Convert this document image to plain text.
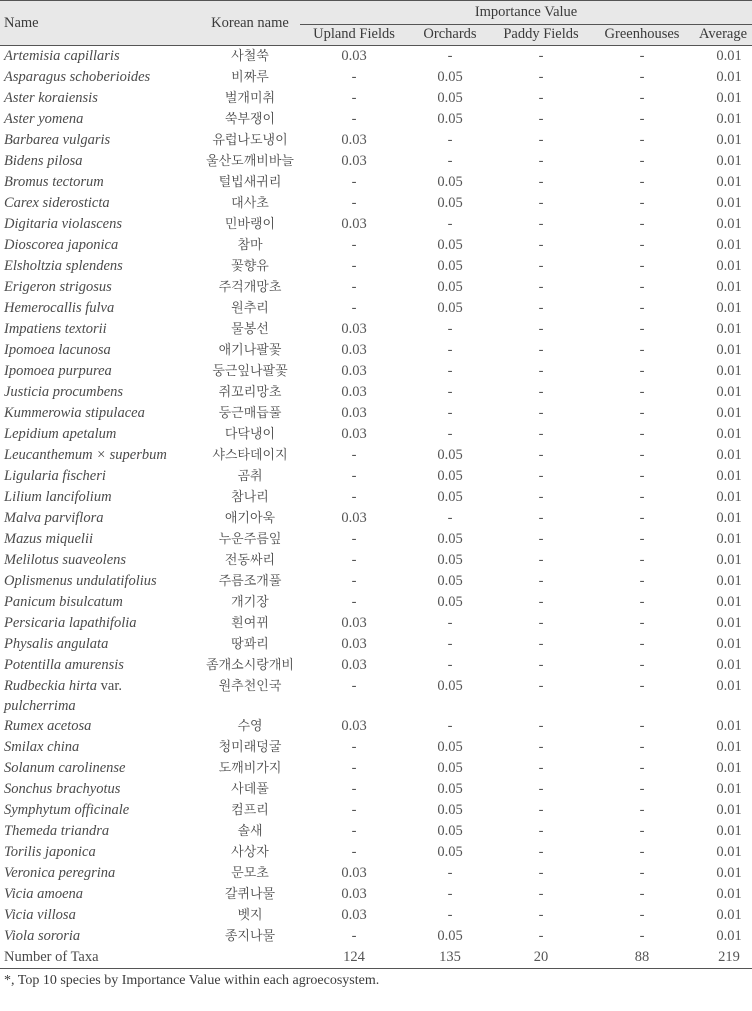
Name	Korean name	Importance Value				
		Upland Fields	Orchards	Paddy Fields	Greenhouses	Average
Artemisia capillaris	사철쑥	0.03	-	-	-	0.01
Asparagus schoberioides	비짜루	-	0.05	-	-	0.01
Aster koraiensis	벌개미취	-	0.05	-	-	0.01
Aster yomena	쑥부쟁이	-	0.05	-	-	0.01
Barbarea vulgaris	유럽나도냉이	0.03	-	-	-	0.01
Bidens pilosa	울산도깨비바늘	0.03	-	-	-	0.01
Bromus tectorum	털빕새귀리	-	0.05	-	-	0.01
Carex siderosticta	대사초	-	0.05	-	-	0.01
Digitaria violascens	민바랭이	0.03	-	-	-	0.01
Dioscorea japonica	참마	-	0.05	-	-	0.01
Elsholtzia splendens	꽃향유	-	0.05	-	-	0.01
Erigeron strigosus	주걱개망초	-	0.05	-	-	0.01
Hemerocallis fulva	원추리	-	0.05	-	-	0.01
Impatiens textorii	물봉선	0.03	-	-	-	0.01
Ipomoea lacunosa	애기나팔꽃	0.03	-	-	-	0.01
Ipomoea purpurea	둥근잎나팔꽃	0.03	-	-	-	0.01
Justicia procumbens	쥐꼬리망초	0.03	-	-	-	0.01
Kummerowia stipulacea	둥근매듭풀	0.03	-	-	-	0.01
Lepidium apetalum	다닥냉이	0.03	-	-	-	0.01
Leucanthemum × superbum	샤스타데이지	-	0.05	-	-	0.01
Ligularia fischeri	곰취	-	0.05	-	-	0.01
Lilium lancifolium	참나리	-	0.05	-	-	0.01
Malva parviflora	애기아욱	0.03	-	-	-	0.01
Mazus miquelii	누운주름잎	-	0.05	-	-	0.01
Melilotus suaveolens	전동싸리	-	0.05	-	-	0.01
Oplismenus undulatifolius	주름조개풀	-	0.05	-	-	0.01
Panicum bisulcatum	개기장	-	0.05	-	-	0.01
Persicaria lapathifolia	흰여뀌	0.03	-	-	-	0.01
Physalis angulata	땅꽈리	0.03	-	-	-	0.01
Potentilla amurensis	좀개소시랑개비	0.03	-	-	-	0.01
Rudbeckia hirta var.
pulcherrima	원추천인국	-	0.05	-	-	0.01
Rumex acetosa	수영	0.03	-	-	-	0.01
Smilax china	청미래덩굴	-	0.05	-	-	0.01
Solanum carolinense	도깨비가지	-	0.05	-	-	0.01
Sonchus brachyotus	사데풀	-	0.05	-	-	0.01
Symphytum officinale	컴프리	-	0.05	-	-	0.01
Themeda triandra	솔새	-	0.05	-	-	0.01
Torilis japonica	사상자	-	0.05	-	-	0.01
Veronica peregrina	문모초	0.03	-	-	-	0.01
Vicia amoena	갈퀴나물	0.03	-	-	-	0.01
Vicia villosa	벳지	0.03	-	-	-	0.01
Viola sororia	종지나물	-	0.05	-	-	0.01
Number of Taxa		124	135	20	88	219
*, Top 10 species by Importance Value within each agroecosystem.
